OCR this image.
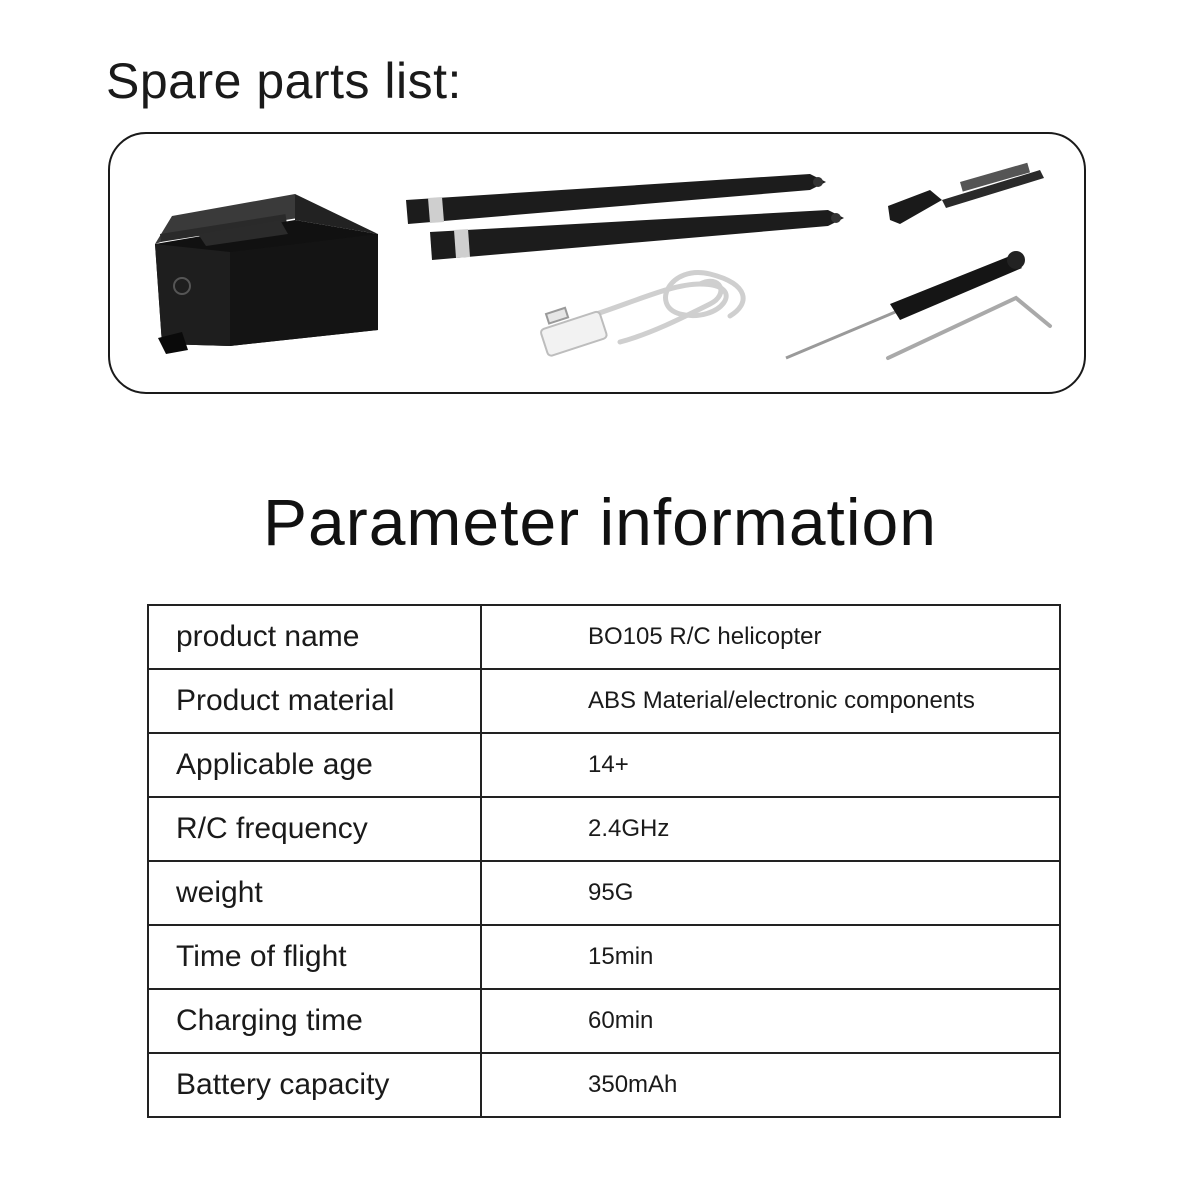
Spare parts list:
Parameter information
product name	BO105 R/C helicopter
Product material	ABS Material/electronic components
Applicable age	14+
R/C frequency	2.4GHz
weight	95G
Time of flight	15min
Charging time	60min
Battery capacity	350mAh
